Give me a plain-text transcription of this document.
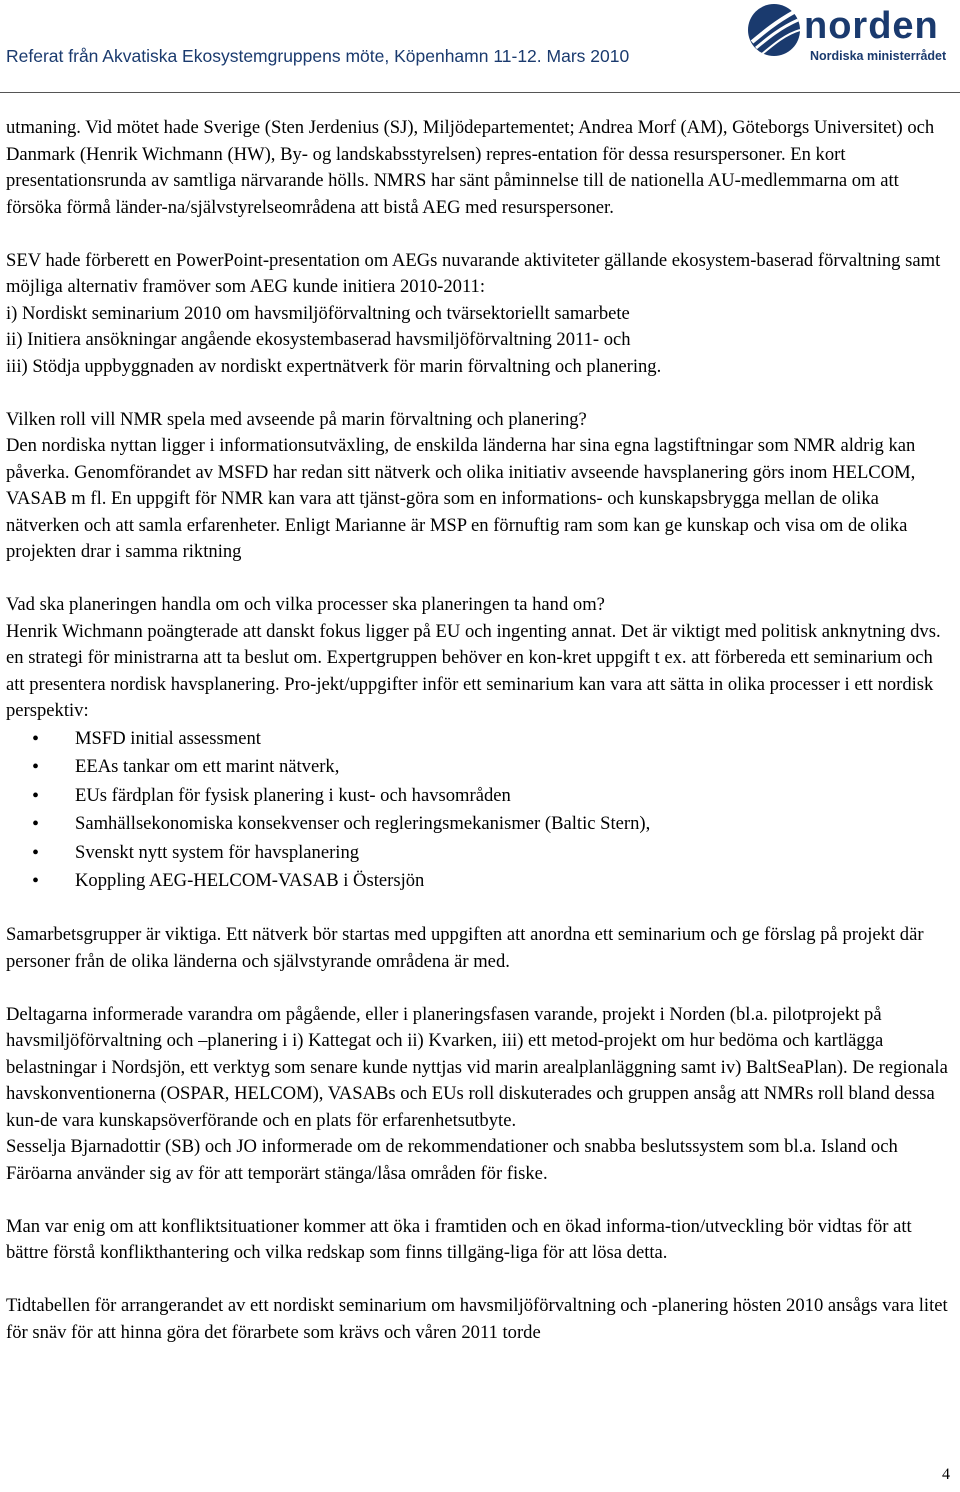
Referat från Akvatiska Ekosystemgruppens möte, Köpenhamn 11-12. Mars 2010
norden
Nordiska ministerrådet

utmaning. Vid mötet hade Sverige (Sten Jerdenius (SJ), Miljödepartementet; Andrea Morf (AM), Göteborgs Universitet) och Danmark (Henrik Wichmann (HW), By- og landskabsstyrelsen) repres-entation för dessa resurspersoner. En kort presentationsrunda av samtliga närvarande hölls. NMRS har sänt påminnelse till de nationella AU-medlemmarna om att försöka förmå länder-na/självstyrelseområdena att bistå AEG med resurspersoner.

SEV hade förberett en PowerPoint-presentation om AEGs nuvarande aktiviteter gällande ekosystem-baserad förvaltning samt möjliga alternativ framöver som AEG kunde initiera 2010-2011:

i) Nordiskt seminarium 2010 om havsmiljöförvaltning och tvärsektoriellt samarbete

ii) Initiera ansökningar angående ekosystembaserad havsmiljöförvaltning 2011- och

iii) Stödja uppbyggnaden av nordiskt expertnätverk för marin förvaltning och planering.

Vilken roll vill NMR spela med avseende på marin förvaltning och planering?

Den nordiska nyttan ligger i informationsutväxling, de enskilda länderna har sina egna lagstiftningar som NMR aldrig kan påverka. Genomförandet av MSFD har redan sitt nätverk och olika initiativ avseende havsplanering görs inom HELCOM, VASAB m fl. En uppgift för NMR kan vara att tjänst-göra som en informations- och kunskapsbrygga mellan de olika nätverken och att samla erfarenheter. Enligt Marianne är MSP en förnuftig ram som kan ge kunskap och visa om de olika projekten drar i samma riktning

Vad ska planeringen handla om och vilka processer ska planeringen ta hand om?

Henrik Wichmann poängterade att danskt fokus ligger på EU och ingenting annat. Det är viktigt med politisk anknytning dvs. en strategi för ministrarna att ta beslut om. Expertgruppen behöver en kon-kret uppgift t ex. att förbereda ett seminarium och att presentera nordisk havsplanering. Pro-jekt/uppgifter inför ett seminarium kan vara att sätta in olika processer i ett nordisk perspektiv:

• MSFD initial assessment
• EEAs tankar om ett marint nätverk,
• EUs färdplan för fysisk planering i kust- och havsområden
• Samhällsekonomiska konsekvenser och regleringsmekanismer (Baltic Stern),
• Svenskt nytt system för havsplanering
• Koppling AEG-HELCOM-VASAB i Östersjön

Samarbetsgrupper är viktiga. Ett nätverk bör startas med uppgiften att anordna ett seminarium och ge förslag på projekt där personer från de olika länderna och självstyrande områdena är med.

Deltagarna informerade varandra om pågående, eller i planeringsfasen varande, projekt i Norden (bl.a. pilotprojekt på havsmiljöförvaltning och –planering i i) Kattegat och ii) Kvarken, iii) ett metod-projekt om hur bedöma och kartlägga belastningar i Nordsjön, ett verktyg som senare kunde nyttjas vid marin arealplanläggning samt iv) BaltSeaPlan). De regionala havskonventionerna (OSPAR, HELCOM), VASABs och EUs roll diskuterades och gruppen ansåg att NMRs roll bland dessa kun-de vara kunskapsöverförande och en plats för erfarenhetsutbyte.

Sesselja Bjarnadottir (SB) och JO informerade om de rekommendationer och snabba beslutssystem som bl.a. Island och Färöarna använder sig av för att temporärt stänga/låsa områden för fiske.

Man var enig om att konfliktsituationer kommer att öka i framtiden och en ökad informa-tion/utveckling bör vidtas för att bättre förstå konflikthantering och vilka redskap som finns tillgäng-liga för att lösa detta.

Tidtabellen för arrangerandet av ett nordiskt seminarium om havsmiljöförvaltning och -planering hösten 2010 ansågs vara litet för snäv för att hinna göra det förarbete som krävs och våren 2011 torde

4
